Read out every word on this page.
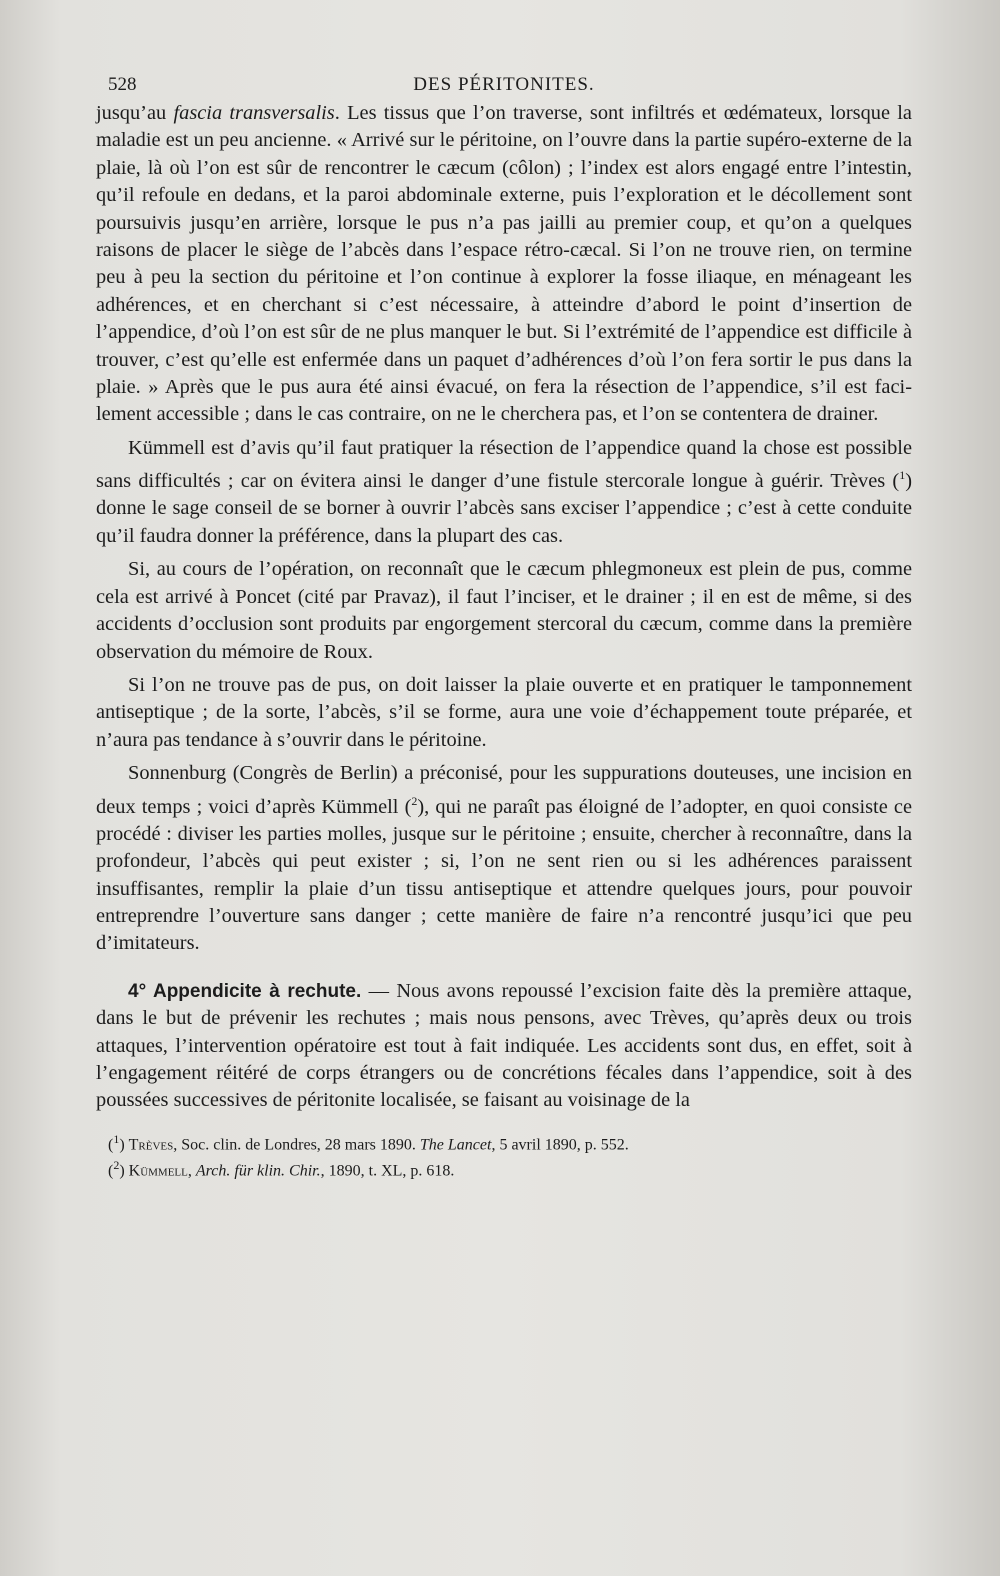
528	DES PÉRITONITES.

jusqu’au fascia transversalis. Les tissus que l’on traverse, sont infiltrés et œdémateux, lorsque la maladie est un peu ancienne. « Arrivé sur le péritoine, on l’ouvre dans la partie supéro-externe de la plaie, là où l’on est sûr de rencontrer le cæcum (côlon) ; l’index est alors engagé entre l’intestin, qu’il refoule en dedans, et la paroi abdominale externe, puis l’exploration et le décollement sont poursuivis jusqu’en arrière, lorsque le pus n’a pas jailli au premier coup, et qu’on a quelques raisons de placer le siège de l’abcès dans l’espace rétro-cæcal. Si l’on ne trouve rien, on termine peu à peu la section du péritoine et l’on continue à explorer la fosse iliaque, en ménageant les adhérences, et en cherchant si c’est nécessaire, à atteindre d’abord le point d’insertion de l’appendice, d’où l’on est sûr de ne plus manquer le but. Si l’extrémité de l’appendice est difficile à trouver, c’est qu’elle est enfermée dans un paquet d’adhérences d’où l’on fera sortir le pus dans la plaie. » Après que le pus aura été ainsi évacué, on fera la résection de l’appendice, s’il est facilement accessible ; dans le cas contraire, on ne le cherchera pas, et l’on se contentera de drainer.

Kümmell est d’avis qu’il faut pratiquer la résection de l’appendice quand la chose est possible sans difficultés ; car on évitera ainsi le danger d’une fistule stercorale longue à guérir. Trèves ($^1$) donne le sage conseil de se borner à ouvrir l’abcès sans exciser l’appendice ; c’est à cette conduite qu’il faudra donner la préférence, dans la plupart des cas.

Si, au cours de l’opération, on reconnaît que le cæcum phlegmoneux est plein de pus, comme cela est arrivé à Poncet (cité par Pravaz), il faut l’inciser, et le drainer ; il en est de même, si des accidents d’occlusion sont produits par engorgement stercoral du cæcum, comme dans la première observation du mémoire de Roux.

Si l’on ne trouve pas de pus, on doit laisser la plaie ouverte et en pratiquer le tamponnement antiseptique ; de la sorte, l’abcès, s’il se forme, aura une voie d’échappement toute préparée, et n’aura pas tendance à s’ouvrir dans le péritoine.

Sonnenburg (Congrès de Berlin) a préconisé, pour les suppurations douteuses, une incision en deux temps ; voici d’après Kümmell ($^2$), qui ne paraît pas éloigné de l’adopter, en quoi consiste ce procédé : diviser les parties molles, jusque sur le péritoine ; ensuite, chercher à reconnaître, dans la profondeur, l’abcès qui peut exister ; si, l’on ne sent rien ou si les adhérences paraissent insuffisantes, remplir la plaie d’un tissu antiseptique et attendre quelques jours, pour pouvoir entreprendre l’ouverture sans danger ; cette manière de faire n’a rencontré jusqu’ici que peu d’imitateurs.

4° Appendicite à rechute. — Nous avons repoussé l’excision faite dès la première attaque, dans le but de prévenir les rechutes ; mais nous pensons, avec Trèves, qu’après deux ou trois attaques, l’intervention opératoire est tout à fait indiquée. Les accidents sont dus, en effet, soit à l’engagement réitéré de corps étrangers ou de concrétions fécales dans l’appendice, soit à des poussées successives de péritonite localisée, se faisant au voisinage de la

($^1$) Trèves, Soc. clin. de Londres, 28 mars 1890. The Lancet, 5 avril 1890, p. 552.
($^2$) Kümmell, Arch. für klin. Chir., 1890, t. XL, p. 618.
